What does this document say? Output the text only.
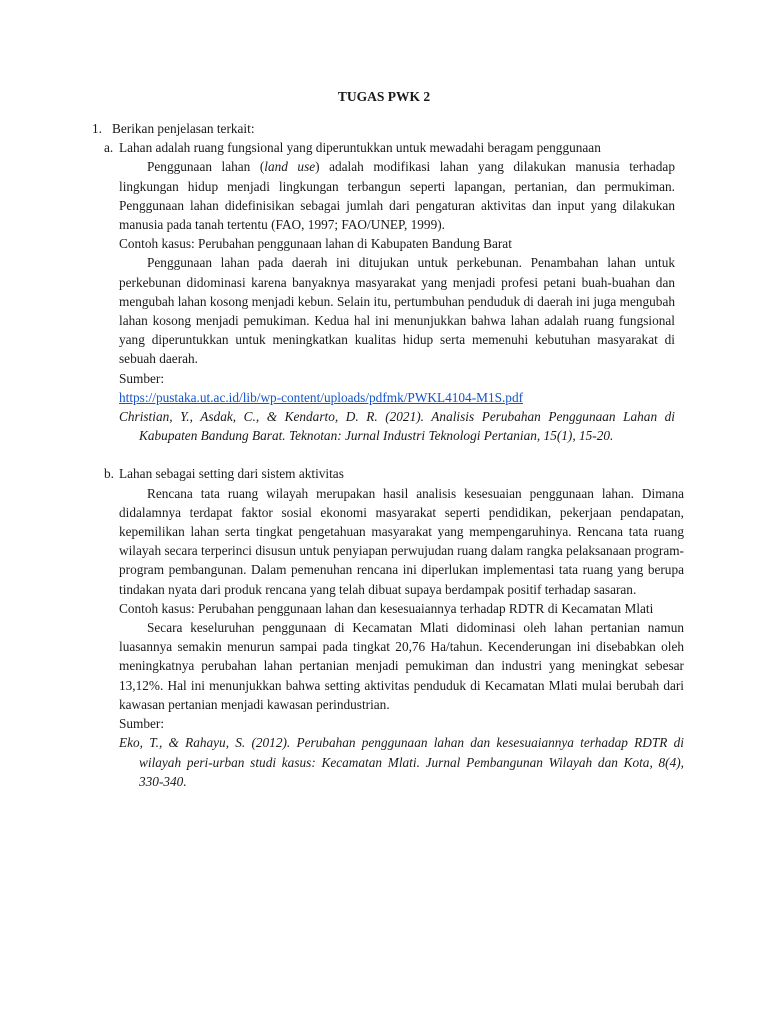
TUGAS PWK 2
1. Berikan penjelasan terkait:
a. Lahan adalah ruang fungsional yang diperuntukkan untuk mewadahi beragam penggunaan

Penggunaan lahan (land use) adalah modifikasi lahan yang dilakukan manusia terhadap lingkungan hidup menjadi lingkungan terbangun seperti lapangan, pertanian, dan permukiman. Penggunaan lahan didefinisikan sebagai jumlah dari pengaturan aktivitas dan input yang dilakukan manusia pada tanah tertentu (FAO, 1997; FAO/UNEP, 1999).

Contoh kasus: Perubahan penggunaan lahan di Kabupaten Bandung Barat

Penggunaan lahan pada daerah ini ditujukan untuk perkebunan. Penambahan lahan untuk perkebunan didominasi karena banyaknya masyarakat yang menjadi profesi petani buah-buahan dan mengubah lahan kosong menjadi kebun. Selain itu, pertumbuhan penduduk di daerah ini juga mengubah lahan kosong menjadi pemukiman. Kedua hal ini menunjukkan bahwa lahan adalah ruang fungsional yang diperuntukkan untuk meningkatkan kualitas hidup serta memenuhi kebutuhan masyarakat di sebuah daerah.

Sumber:

https://pustaka.ut.ac.id/lib/wp-content/uploads/pdfmk/PWKL4104-M1S.pdf

Christian, Y., Asdak, C., & Kendarto, D. R. (2021). Analisis Perubahan Penggunaan Lahan di Kabupaten Bandung Barat. Teknotan: Jurnal Industri Teknologi Pertanian, 15(1), 15-20.

b. Lahan sebagai setting dari sistem aktivitas

Rencana tata ruang wilayah merupakan hasil analisis kesesuaian penggunaan lahan. Dimana didalamnya terdapat faktor sosial ekonomi masyarakat seperti pendidikan, pekerjaan pendapatan, kepemilikan lahan serta tingkat pengetahuan masyarakat yang mempengaruhinya. Rencana tata ruang wilayah secara terperinci disusun untuk penyiapan perwujudan ruang dalam rangka pelaksanaan program-program pembangunan. Dalam pemenuhan rencana ini diperlukan implementasi tata ruang yang berupa tindakan nyata dari produk rencana yang telah dibuat supaya berdampak positif terhadap sasaran.

Contoh kasus: Perubahan penggunaan lahan dan kesesuaiannya terhadap RDTR di Kecamatan Mlati

Secara keseluruhan penggunaan di Kecamatan Mlati didominasi oleh lahan pertanian namun luasannya semakin menurun sampai pada tingkat 20,76 Ha/tahun. Kecenderungan ini disebabkan oleh meningkatnya perubahan lahan pertanian menjadi pemukiman dan industri yang meningkat sebesar 13,12%. Hal ini menunjukkan bahwa setting aktivitas penduduk di Kecamatan Mlati mulai berubah dari kawasan pertanian menjadi kawasan perindustrian.

Sumber:

Eko, T., & Rahayu, S. (2012). Perubahan penggunaan lahan dan kesesuaiannya terhadap RDTR di wilayah peri-urban studi kasus: Kecamatan Mlati. Jurnal Pembangunan Wilayah dan Kota, 8(4), 330-340.
